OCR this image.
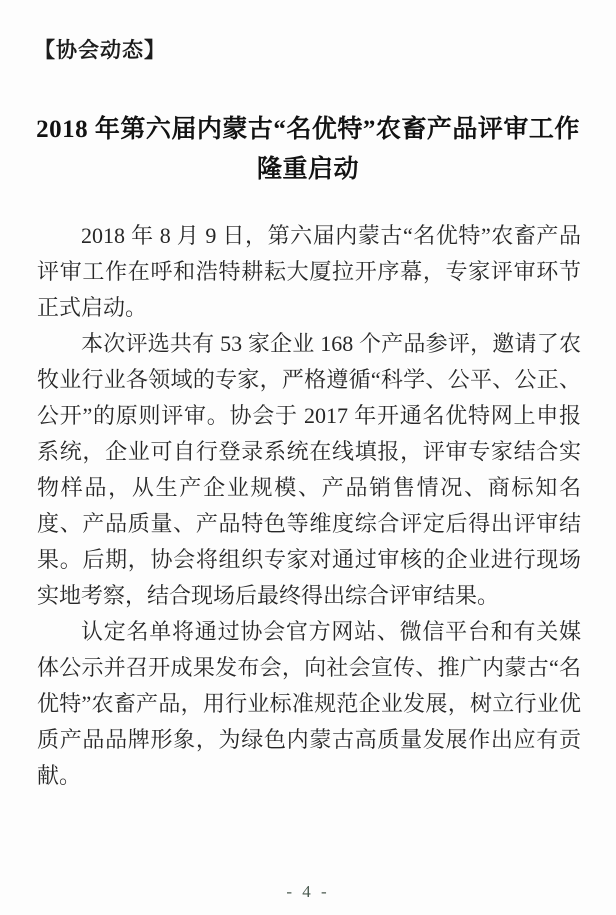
【协会动态】
2018 年第六届内蒙古“名优特”农畜产品评审工作
隆重启动

2018 年 8 月 9 日，第六届内蒙古“名优特”农畜产品评审工作在呼和浩特耕耘大厦拉开序幕，专家评审环节正式启动。

本次评选共有 53 家企业 168 个产品参评，邀请了农牧业行业各领域的专家，严格遵循“科学、公平、公正、公开”的原则评审。协会于 2017 年开通名优特网上申报系统，企业可自行登录系统在线填报，评审专家结合实物样品，从生产企业规模、产品销售情况、商标知名度、产品质量、产品特色等维度综合评定后得出评审结果。后期，协会将组织专家对通过审核的企业进行现场实地考察，结合现场后最终得出综合评审结果。

认定名单将通过协会官方网站、微信平台和有关媒体公示并召开成果发布会，向社会宣传、推广内蒙古“名优特”农畜产品，用行业标准规范企业发展，树立行业优质产品品牌形象，为绿色内蒙古高质量发展作出应有贡献。

- 4 -
